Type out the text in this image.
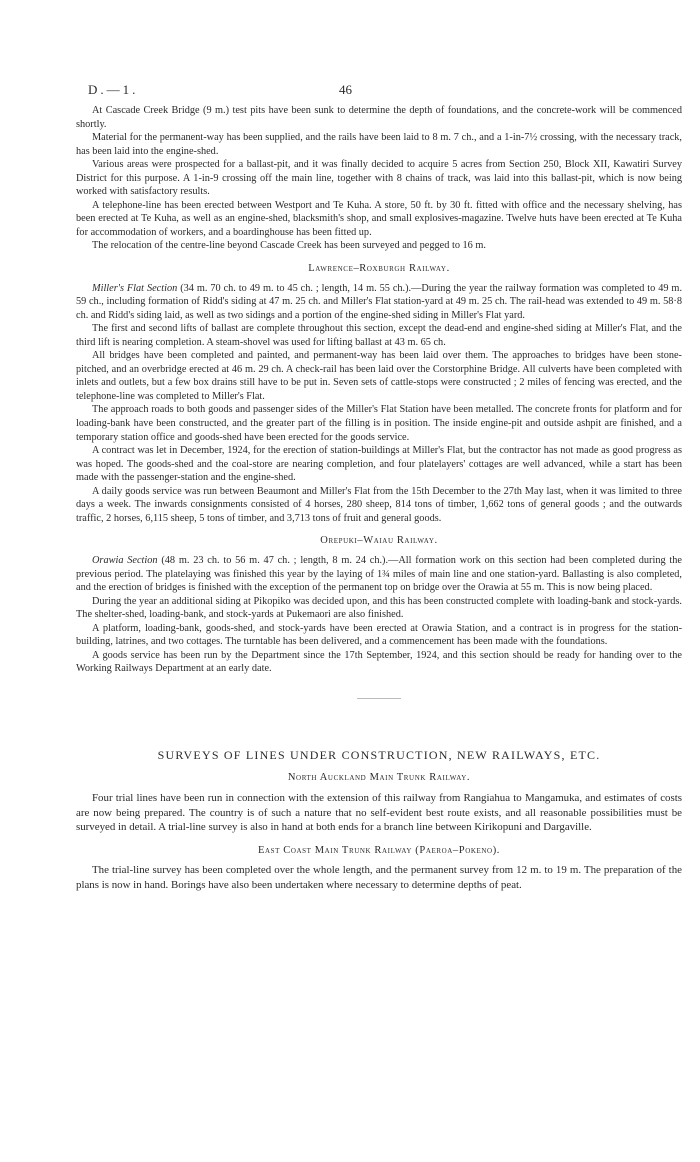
D.—1.	46

At Cascade Creek Bridge (9 m.) test pits have been sunk to determine the depth of foundations, and the concrete-work will be commenced shortly.

Material for the permanent-way has been supplied, and the rails have been laid to 8 m. 7 ch., and a 1-in-7½ crossing, with the necessary track, has been laid into the engine-shed.

Various areas were prospected for a ballast-pit, and it was finally decided to acquire 5 acres from Section 250, Block XII, Kawatiri Survey District for this purpose. A 1-in-9 crossing off the main line, together with 8 chains of track, was laid into this ballast-pit, which is now being worked with satisfactory results.

A telephone-line has been erected between Westport and Te Kuha. A store, 50 ft. by 30 ft. fitted with office and the necessary shelving, has been erected at Te Kuha, as well as an engine-shed, blacksmith's shop, and small explosives-magazine. Twelve huts have been erected at Te Kuha for accommodation of workers, and a boardinghouse has been fitted up.

The relocation of the centre-line beyond Cascade Creek has been surveyed and pegged to 16 m.

Lawrence–Roxburgh Railway.

Miller's Flat Section (34 m. 70 ch. to 49 m. to 45 ch. ; length, 14 m. 55 ch.).—During the year the railway formation was completed to 49 m. 59 ch., including formation of Ridd's siding at 47 m. 25 ch. and Miller's Flat station-yard at 49 m. 25 ch. The rail-head was extended to 49 m. 58·8 ch. and Ridd's siding laid, as well as two sidings and a portion of the engine-shed siding in Miller's Flat yard.

The first and second lifts of ballast are complete throughout this section, except the dead-end and engine-shed siding at Miller's Flat, and the third lift is nearing completion. A steam-shovel was used for lifting ballast at 43 m. 65 ch.

All bridges have been completed and painted, and permanent-way has been laid over them. The approaches to bridges have been stone-pitched, and an overbridge erected at 46 m. 29 ch. A check-rail has been laid over the Corstorphine Bridge. All culverts have been completed with inlets and outlets, but a few box drains still have to be put in. Seven sets of cattle-stops were constructed ; 2 miles of fencing was erected, and the telephone-line was completed to Miller's Flat.

The approach roads to both goods and passenger sides of the Miller's Flat Station have been metalled. The concrete fronts for platform and for loading-bank have been constructed, and the greater part of the filling is in position. The inside engine-pit and outside ashpit are finished, and a temporary station office and goods-shed have been erected for the goods service.

A contract was let in December, 1924, for the erection of station-buildings at Miller's Flat, but the contractor has not made as good progress as was hoped. The goods-shed and the coal-store are nearing completion, and four platelayers' cottages are well advanced, while a start has been made with the passenger-station and the engine-shed.

A daily goods service was run between Beaumont and Miller's Flat from the 15th December to the 27th May last, when it was limited to three days a week. The inwards consignments consisted of 4 horses, 280 sheep, 814 tons of timber, 1,662 tons of general goods ; and the outwards traffic, 2 horses, 6,115 sheep, 5 tons of timber, and 3,713 tons of fruit and general goods.

Orepuki–Waiau Railway.

Orawia Section (48 m. 23 ch. to 56 m. 47 ch. ; length, 8 m. 24 ch.).—All formation work on this section had been completed during the previous period. The platelaying was finished this year by the laying of 1¾ miles of main line and one station-yard. Ballasting is also completed, and the erection of bridges is finished with the exception of the permanent top on bridge over the Orawia at 55 m. This is now being placed.

During the year an additional siding at Pikopiko was decided upon, and this has been constructed complete with loading-bank and stock-yards. The shelter-shed, loading-bank, and stock-yards at Pukemaori are also finished.

A platform, loading-bank, goods-shed, and stock-yards have been erected at Orawia Station, and a contract is in progress for the station-building, latrines, and two cottages. The turntable has been delivered, and a commencement has been made with the foundations.

A goods service has been run by the Department since the 17th September, 1924, and this section should be ready for handing over to the Working Railways Department at an early date.

SURVEYS OF LINES UNDER CONSTRUCTION, NEW RAILWAYS, ETC.
North Auckland Main Trunk Railway.

Four trial lines have been run in connection with the extension of this railway from Rangiahua to Mangamuka, and estimates of costs are now being prepared. The country is of such a nature that no self-evident best route exists, and all reasonable possibilities must be surveyed in detail. A trial-line survey is also in hand at both ends for a branch line between Kirikopuni and Dargaville.

East Coast Main Trunk Railway (Paeroa–Pokeno).

The trial-line survey has been completed over the whole length, and the permanent survey from 12 m. to 19 m. The preparation of the plans is now in hand. Borings have also been undertaken where necessary to determine depths of peat.
